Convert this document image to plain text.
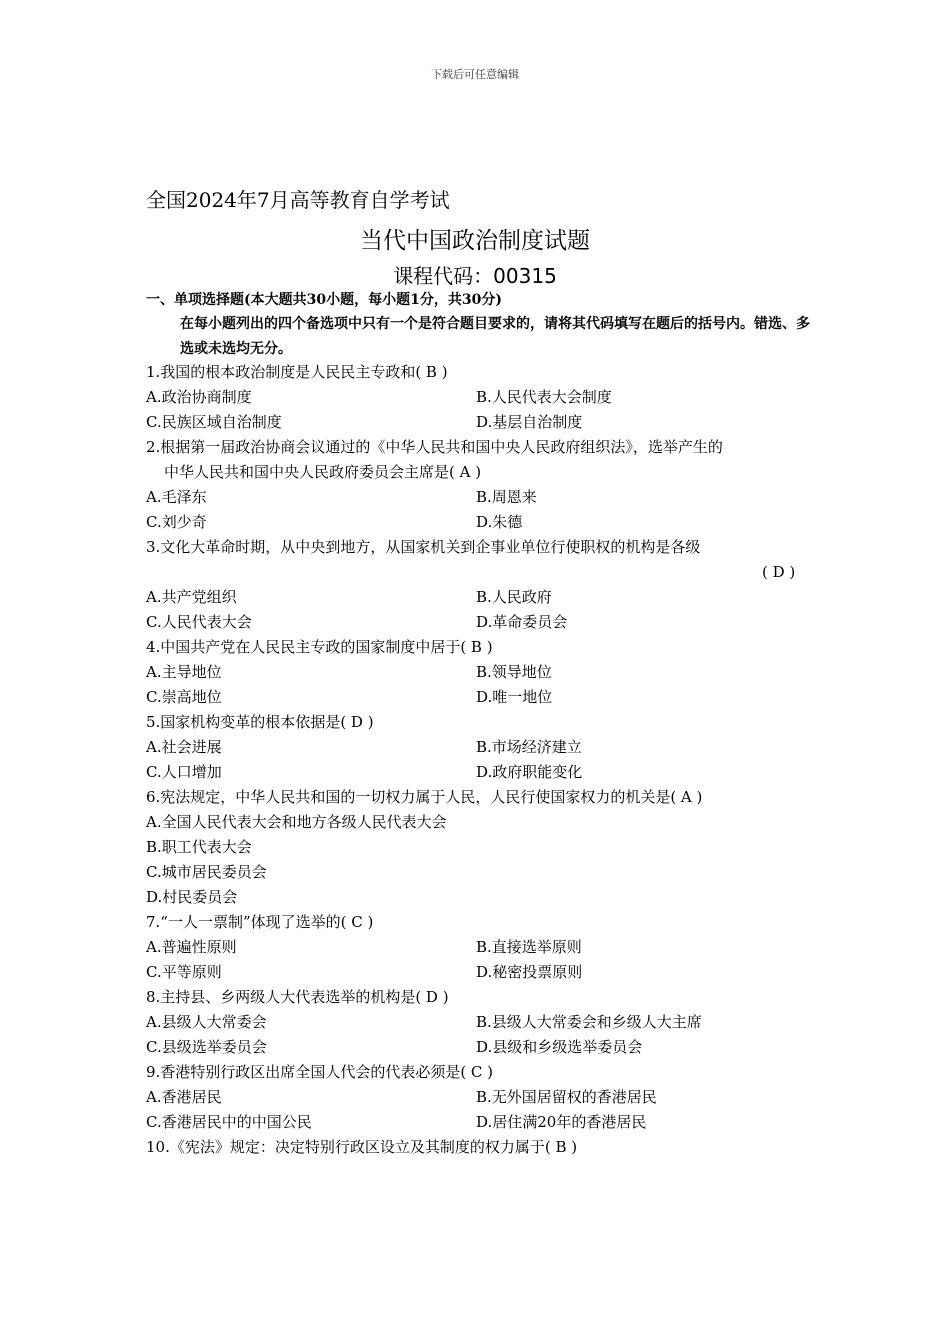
下载后可任意编辑
全国2024年7月高等教育自学考试
当代中国政治制度试题
课程代码：00315
一、单项选择题(本大题共30小题，每小题1分，共30分)
在每小题列出的四个备选项中只有一个是符合题目要求的，请将其代码填写在题后的括号内。错选、多选或未选均无分。
1.我国的根本政治制度是人民民主专政和( B )
A.政治协商制度	B.人民代表大会制度
C.民族区域自治制度	D.基层自治制度
2.根据第一届政治协商会议通过的《中华人民共和国中央人民政府组织法》，选举产生的
中华人民共和国中央人民政府委员会主席是( A )
A.毛泽东	B.周恩来
C.刘少奇	D.朱德
3.文化大革命时期，从中央到地方，从国家机关到企事业单位行使职权的机构是各级
( D )
A.共产党组织	B.人民政府
C.人民代表大会	D.革命委员会
4.中国共产党在人民民主专政的国家制度中居于( B )
A.主导地位	B.领导地位
C.崇高地位	D.唯一地位
5.国家机构变革的根本依据是( D )
A.社会进展	B.市场经济建立
C.人口增加	D.政府职能变化
6.宪法规定，中华人民共和国的一切权力属于人民，人民行使国家权力的机关是( A )
A.全国人民代表大会和地方各级人民代表大会
B.职工代表大会
C.城市居民委员会
D.村民委员会
7.“一人一票制”体现了选举的( C )
A.普遍性原则	B.直接选举原则
C.平等原则	D.秘密投票原则
8.主持县、乡两级人大代表选举的机构是( D )
A.县级人大常委会	B.县级人大常委会和乡级人大主席
C.县级选举委员会	D.县级和乡级选举委员会
9.香港特别行政区出席全国人代会的代表必须是( C )
A.香港居民	B.无外国居留权的香港居民
C.香港居民中的中国公民	D.居住满20年的香港居民
10.《宪法》规定：决定特别行政区设立及其制度的权力属于( B )
